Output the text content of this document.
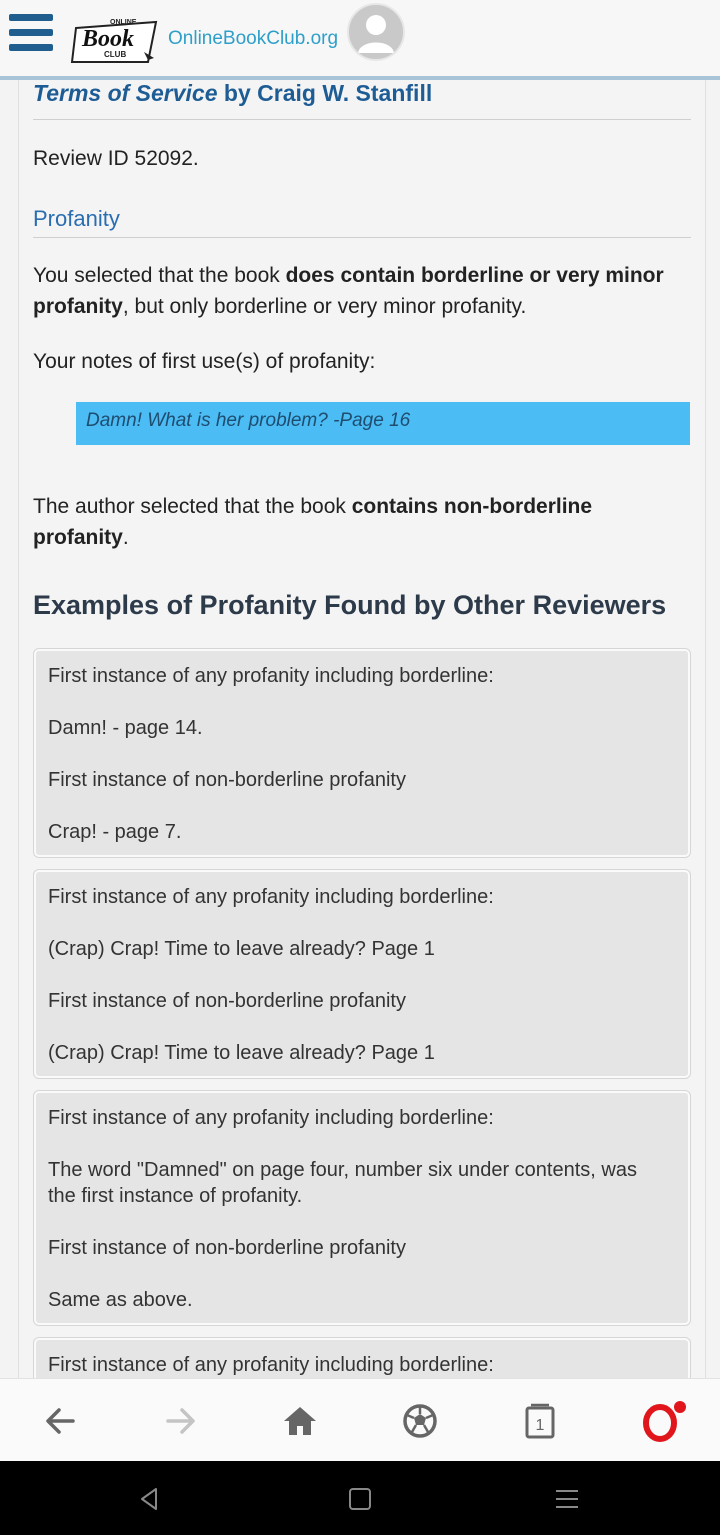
ONLINE
Book
CLUB
OnlineBookClub.org
Terms of Service by Craig W. Stanfill
Review ID 52092.
Profanity
You selected that the book does contain borderline or very minor profanity, but only borderline or very minor profanity.
Your notes of first use(s) of profanity:
Damn! What is her problem? -Page 16
The author selected that the book contains non-borderline profanity.
Examples of Profanity Found by Other Reviewers

First instance of any profanity including borderline:

Damn! - page 14.

First instance of non-borderline profanity

Crap! - page 7.

First instance of any profanity including borderline:

(Crap) Crap! Time to leave already? Page 1

First instance of non-borderline profanity

(Crap) Crap! Time to leave already? Page 1

First instance of any profanity including borderline:

The word "Damned" on page four, number six under contents, was the first instance of profanity.

First instance of non-borderline profanity

Same as above.

First instance of any profanity including borderline:

1
